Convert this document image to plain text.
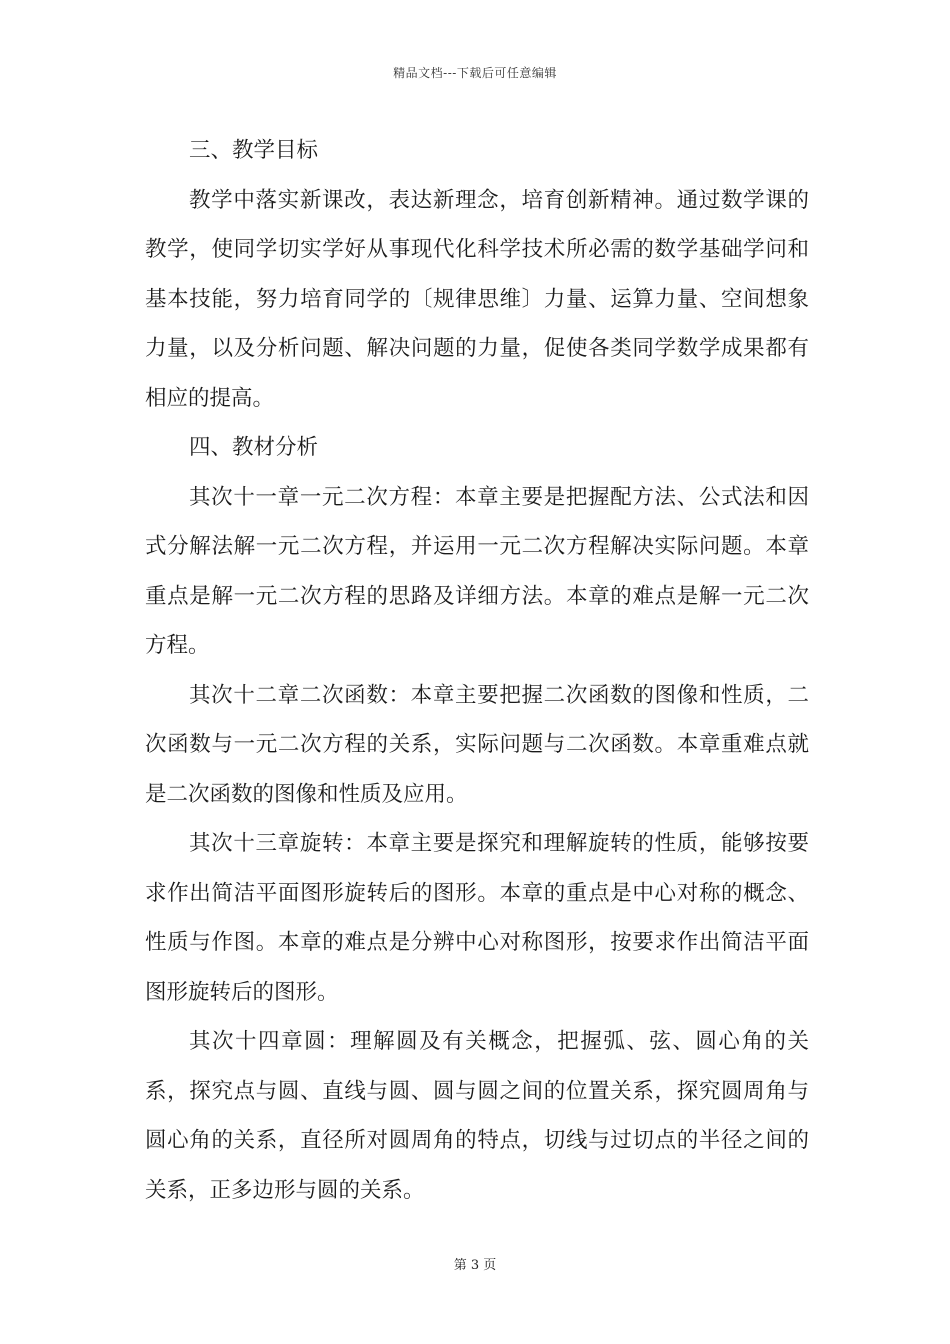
精品文档---下载后可任意编辑

三、教学目标

教学中落实新课改，表达新理念，培育创新精神。通过数学课的教学，使同学切实学好从事现代化科学技术所必需的数学基础学问和基本技能，努力培育同学的〔规律思维〕力量、运算力量、空间想象力量，以及分析问题、解决问题的力量，促使各类同学数学成果都有相应的提高。

四、教材分析

其次十一章一元二次方程：本章主要是把握配方法、公式法和因式分解法解一元二次方程，并运用一元二次方程解决实际问题。本章重点是解一元二次方程的思路及详细方法。本章的难点是解一元二次方程。

其次十二章二次函数：本章主要把握二次函数的图像和性质，二次函数与一元二次方程的关系，实际问题与二次函数。本章重难点就是二次函数的图像和性质及应用。

其次十三章旋转：本章主要是探究和理解旋转的性质，能够按要求作出简洁平面图形旋转后的图形。本章的重点是中心对称的概念、性质与作图。本章的难点是分辨中心对称图形，按要求作出简洁平面图形旋转后的图形。

其次十四章圆：理解圆及有关概念，把握弧、弦、圆心角的关系，探究点与圆、直线与圆、圆与圆之间的位置关系，探究圆周角与圆心角的关系，直径所对圆周角的特点，切线与过切点的半径之间的关系，正多边形与圆的关系。

第 3 页
